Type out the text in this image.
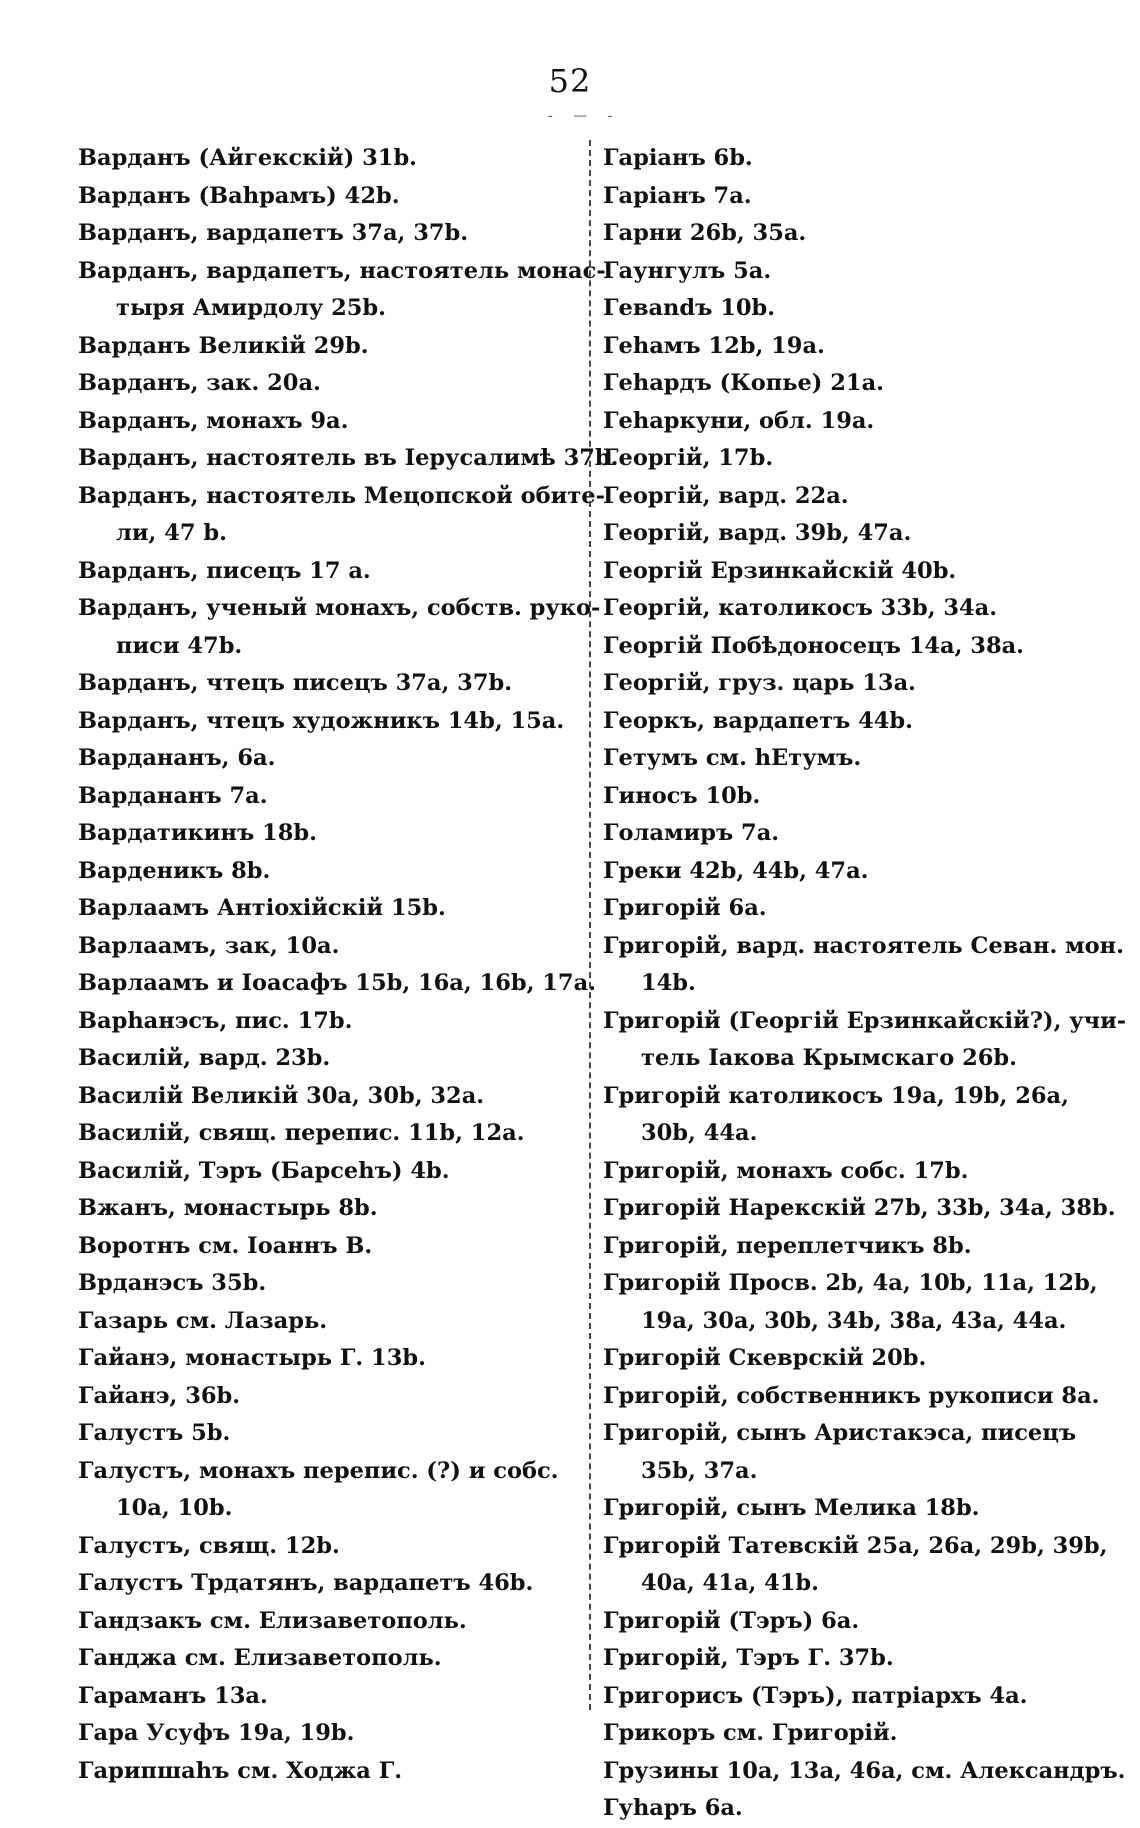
52
- — -
Варданъ (Айгекскій) 31b.
Варданъ (Ваhрамъ) 42b.
Варданъ, вардапетъ 37a, 37b.
Варданъ, вардапетъ, настоятель монас-
тыря Амирдолу 25b.
Варданъ Великій 29b.
Варданъ, зак. 20a.
Варданъ, монахъ 9a.
Варданъ, настоятель въ Іерусалимѣ 37b.
Варданъ, настоятель Мецопской обите-
ли, 47 b.
Варданъ, писецъ 17 a.
Варданъ, ученый монахъ, собств. руко-
писи 47b.
Варданъ, чтецъ писецъ 37a, 37b.
Варданъ, чтецъ художникъ 14b, 15a.
Варданaнъ, 6a.
Варданaнъ 7a.
Вардатикинъ 18b.
Варденикъ 8b.
Варлаамъ Антіохійскій 15b.
Варлаамъ, зак, 10a.
Варлаамъ и Іоасафъ 15b, 16a, 16b, 17a.
Варhанэсъ, пис. 17b.
Василій, вард. 23b.
Василій Великій 30a, 30b, 32a.
Василій, свящ. перепис. 11b, 12a.
Василій, Тэръ (Барсеһъ) 4b.
Вжанъ, монастырь 8b.
Воротнъ см. Іоаннъ В.
Врданэсъ 35b.
Газарь см. Лазарь.
Гайанэ, монастырь Г. 13b.
Гайанэ, 36b.
Галустъ 5b.
Галустъ, монахъ перепис. (?) и собс.
10a, 10b.
Галустъ, свящ. 12b.
Галустъ Трдатянъ, вардапетъ 46b.
Гандзакъ см. Елизаветополь.
Ганджа см. Елизаветополь.
Гараманъ 13a.
Гара Усуфъ 19a, 19b.
Гарипшаhъ см. Ходжа Г.
Гаріанъ 6b.
Гаріанъ 7a.
Гарни 26b, 35a.
Гаунгулъ 5a.
Геваndъ 10b.
Геһамъ 12b, 19a.
Геһардъ (Копье) 21a.
Геһаркуни, обл. 19a.
Георгій, 17b.
Георгій, вард. 22a.
Георгій, вард. 39b, 47a.
Георгій Ерзинкайскій 40b.
Георгій, католикосъ 33b, 34a.
Георгій Побѣдоносецъ 14a, 38a.
Георгій, груз. царь 13a.
Георкъ, вардапетъ 44b.
Гетумъ см. hЕтумъ.
Гиносъ 10b.
Голамиръ 7a.
Греки 42b, 44b, 47a.
Григорій 6a.
Григорій, вард. настоятель Севан. мон.
14b.
Григорій (Георгій Ерзинкайскій?), учи-
тель Іакова Крымскаго 26b.
Григорій католикосъ 19a, 19b, 26a,
30b, 44a.
Григорій, монахъ собс. 17b.
Григорій Нарекскій 27b, 33b, 34a, 38b.
Григорій, переплетчикъ 8b.
Григорій Просв. 2b, 4a, 10b, 11a, 12b,
19a, 30a, 30b, 34b, 38a, 43a, 44a.
Григорій Скеврскій 20b.
Григорій, собственникъ рукописи 8a.
Григорій, сынъ Аристакэса, писецъ
35b, 37a.
Григорій, сынъ Мелика 18b.
Григорій Татевскій 25a, 26a, 29b, 39b,
40a, 41a, 41b.
Григорій (Тэръ) 6a.
Григорій, Тэръ Г. 37b.
Григорисъ (Тэръ), патріархъ 4a.
Грикоръ см. Григорій.
Грузины 10a, 13a, 46a, см. Александръ.
Гуһаръ 6a.
